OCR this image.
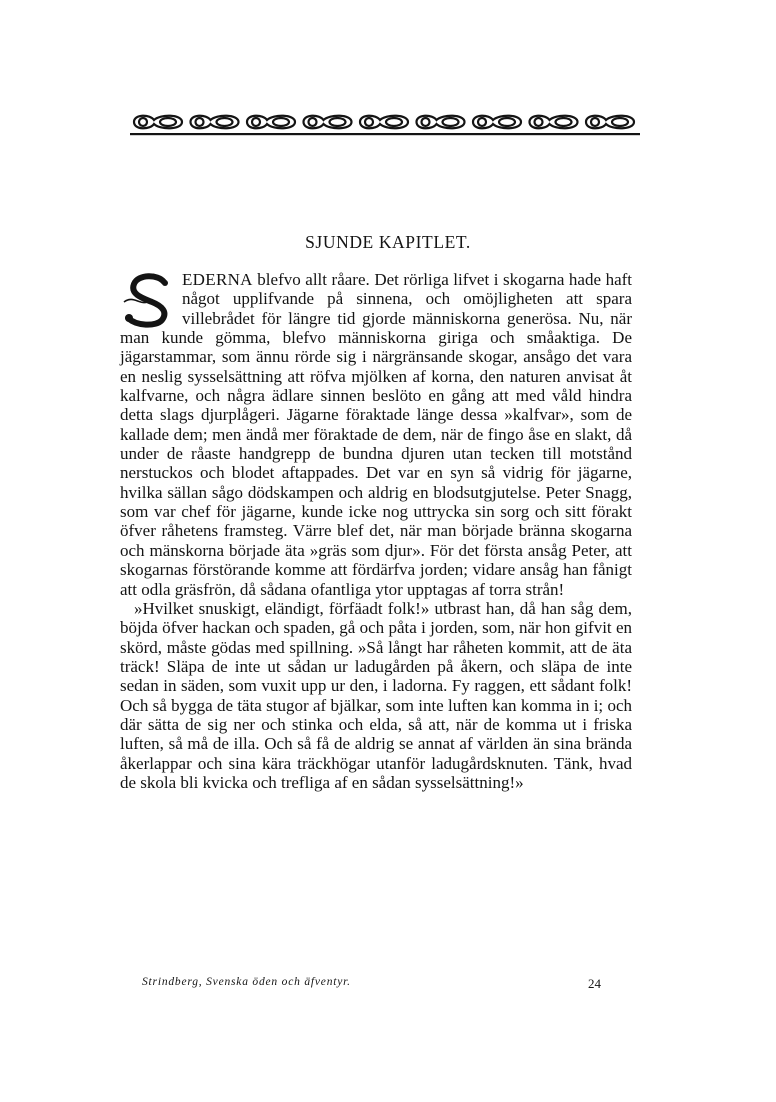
SJUNDE KAPITLET.

S
EDERNA blefvo allt råare. Det rörliga lifvet i skogarna hade haft något upplifvande på sinnena, och omöjligheten att spara villebrådet för längre tid gjorde människorna generösa. Nu, när man kunde gömma, blefvo människorna giriga och småaktiga. De jägarstammar, som ännu rörde sig i närgränsande skogar, ansågo det vara en neslig sysselsättning att röfva mjölken af korna, den naturen anvisat åt kalfvarne, och några ädlare sinnen beslöto en gång att med våld hindra detta slags djurplågeri. Jägarne föraktade länge dessa »kalfvar», som de kallade dem; men ändå mer föraktade de dem, när de fingo åse en slakt, då under de råaste handgrepp de bundna djuren utan tecken till motstånd nerstuckos och blodet aftappades. Det var en syn så vidrig för jägarne, hvilka sällan sågo dödskampen och aldrig en blodsutgjutelse. Peter Snagg, som var chef för jägarne, kunde icke nog uttrycka sin sorg och sitt förakt öfver råhetens framsteg. Värre blef det, när man började bränna skogarna och mänskorna började äta »gräs som djur». För det första ansåg Peter, att skogarnas förstörande komme att fördärfva jorden; vidare ansåg han fånigt att odla gräsfrön, då sådana ofantliga ytor upptagas af torra strån!

»Hvilket snuskigt, eländigt, förfäadt folk!» utbrast han, då han såg dem, böjda öfver hackan och spaden, gå och påta i jorden, som, när hon gifvit en skörd, måste gödas med spillning. »Så långt har råheten kommit, att de äta träck! Släpa de inte ut sådan ur ladugården på åkern, och släpa de inte sedan in säden, som vuxit upp ur den, i ladorna. Fy raggen, ett sådant folk! Och så bygga de täta stugor af bjälkar, som inte luften kan komma in i; och där sätta de sig ner och stinka och elda, så att, när de komma ut i friska luften, så må de illa. Och så få de aldrig se annat af världen än sina brända åkerlappar och sina kära träckhögar utanför ladugårdsknuten. Tänk, hvad de skola bli kvicka och trefliga af en sådan sysselsättning!»

Strindberg, Svenska öden och äfventyr.	24
